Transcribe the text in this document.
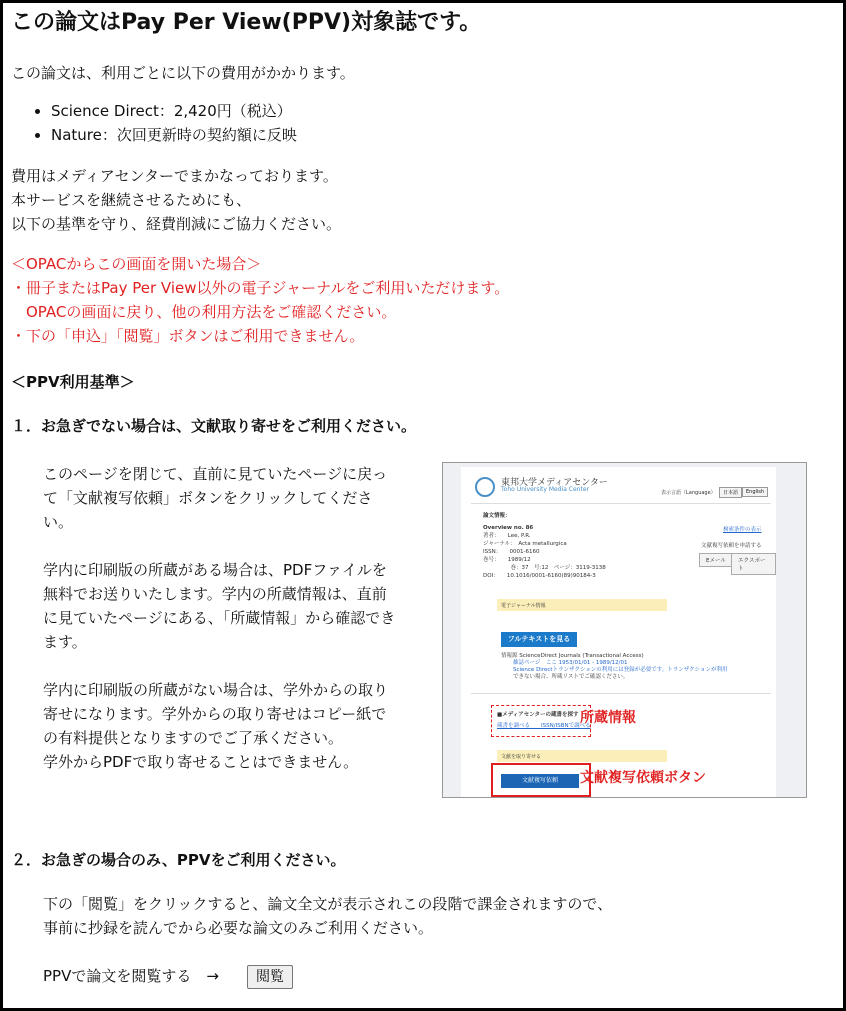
この論文はPay Per View(PPV)対象誌です。
この論文は、利用ごとに以下の費用がかかります。
• Science Direct：2,420円（税込）
• Nature：次回更新時の契約額に反映
費用はメディアセンターでまかなっております。
本サービスを継続させるためにも、
以下の基準を守り、経費削減にご協力ください。
＜OPACからこの画面を開いた場合＞
・冊子またはPay Per View以外の電子ジャーナルをご利用いただけます。
　OPACの画面に戻り、他の利用方法をご確認ください。
・下の「申込」「閲覧」ボタンはご利用できません。
＜PPV利用基準＞
１．お急ぎでない場合は、文献取り寄せをご利用ください。
このページを閉じて、直前に見ていたページに戻っ
て「文献複写依頼」ボタンをクリックしてくださ
い。
学内に印刷版の所蔵がある場合は、PDFファイルを
無料でお送りいたします。学内の所蔵情報は、直前
に見ていたページにある、「所蔵情報」から確認でき
ます。
学内に印刷版の所蔵がない場合は、学外からの取り
寄せになります。学外からの取り寄せはコピー紙で
の有料提供となりますのでご了承ください。
学外からPDFで取り寄せることはできません。
東邦大学メディアセンター
Toho University Media Center	表示言語（Language）	日本語	English
論文情報：
Overview no. 86
著者：　　Lee, P.R.
ジャーナル：　Acta metallurgica
ISSN：　　0001-6160
巻号：　　1989/12
　　　　　巻：37　号:12　ページ：3119-3138
DOI：　　10.1016/0001-6160(89)90184-3
検索条件の表示
文献複写依頼を申請する
Eメール	エクスポート
電子ジャーナル情報
フルテキストを見る
情報源 ScienceDirect Journals (Transactional Access)
雑誌ページ　ここ 1953/01/01 - 1989/12/01
Science Directトランザクションの利用には登録が必要です。トランザクションが利用
できない場合、所蔵リストでご確認ください。
■メディアセンターの蔵書を探す
蔵書を調べる　　ISSN/ISBNで調べる
文献を取り寄せる
文献複写依頼
所蔵情報
文献複写依頼ボタン
２．お急ぎの場合のみ、PPVをご利用ください。
下の「閲覧」をクリックすると、論文全文が表示されこの段階で課金されますので、
事前に抄録を読んでから必要な論文のみご利用ください。
PPVで論文を閲覧する　→	閲覧
